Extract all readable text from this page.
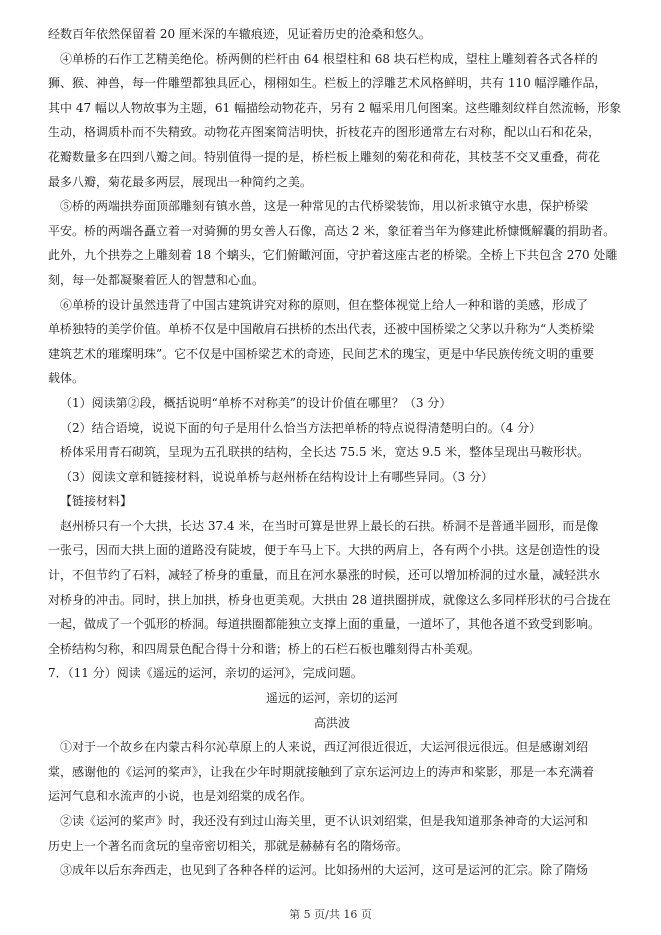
经数百年依然保留着 20 厘米深的车辙痕迹，见证着历史的沧桑和悠久。
④单桥的石作工艺精美绝伦。桥两侧的栏杆由 64 根望柱和 68 块石栏构成，望柱上雕刻着各式各样的
狮、猴、神兽，每一件雕塑都独具匠心，栩栩如生。栏板上的浮雕艺术风格鲜明，共有 110 幅浮雕作品，
其中 47 幅以人物故事为主题，61 幅描绘动物花卉，另有 2 幅采用几何图案。这些雕刻纹样自然流畅，形象
生动，格调质朴而不失精致。动物花卉图案简洁明快，折枝花卉的图形通常左右对称，配以山石和花朵，
花瓣数量多在四到八瓣之间。特别值得一提的是，桥栏板上雕刻的菊花和荷花，其枝茎不交叉重叠，荷花
最多八瓣，菊花最多两层，展现出一种简约之美。
⑤桥的两端拱券面顶部雕刻有镇水兽，这是一种常见的古代桥梁装饰，用以祈求镇守水患，保护桥梁
平安。桥的两端各矗立着一对骑狮的男女善人石像，高达 2 米，象征着当年为修建此桥慷慨解囊的捐助者。
此外，九个拱券之上雕刻着 18 个螭头，它们俯瞰河面，守护着这座古老的桥梁。全桥上下共包含 270 处雕
刻，每一处都凝聚着匠人的智慧和心血。
⑥单桥的设计虽然违背了中国古建筑讲究对称的原则，但在整体视觉上给人一种和谐的美感，形成了
单桥独特的美学价值。单桥不仅是中国敞肩石拱桥的杰出代表，还被中国桥梁之父茅以升称为“人类桥梁
建筑艺术的璀璨明珠”。它不仅是中国桥梁艺术的奇迹，民间艺术的瑰宝，更是中华民族传统文明的重要
载体。
（1）阅读第②段，概括说明“单桥不对称美”的设计价值在哪里？（3 分）
（2）结合语境，说说下面的句子是用什么恰当方法把单桥的特点说得清楚明白的。（4 分）
桥体采用青石砌筑，呈现为五孔联拱的结构，全长达 75.5 米，宽达 9.5 米，整体呈现出马鞍形状。
（3）阅读文章和链接材料，说说单桥与赵州桥在结构设计上有哪些异同。（3 分）
【链接材料】
赵州桥只有一个大拱，长达 37.4 米，在当时可算是世界上最长的石拱。桥洞不是普通半圆形，而是像
一张弓，因而大拱上面的道路没有陡坡，便于车马上下。大拱的两肩上，各有两个小拱。这是创造性的设
计，不但节约了石料，减轻了桥身的重量，而且在河水暴涨的时候，还可以增加桥洞的过水量，减轻洪水
对桥身的冲击。同时，拱上加拱，桥身也更美观。大拱由 28 道拱圈拼成，就像这么多同样形状的弓合拢在
一起，做成了一个弧形的桥洞。每道拱圈都能独立支撑上面的重量，一道坏了，其他各道不致受到影响。
全桥结构匀称，和四周景色配合得十分和谐；桥上的石栏石板也雕刻得古朴美观。
7．（11 分）阅读《遥远的运河，亲切的运河》，完成问题。
遥远的运河，亲切的运河
高洪波
①对于一个故乡在内蒙古科尔沁草原上的人来说，西辽河很近很近，大运河很远很远。但是感谢刘绍
棠，感谢他的《运河的桨声》，让我在少年时期就接触到了京东运河边上的涛声和桨影，那是一本充满着
运河气息和水流声的小说，也是刘绍棠的成名作。
②读《运河的桨声》时，我还没有到过山海关里，更不认识刘绍棠，但是我知道那条神奇的大运河和
历史上一个著名而贪玩的皇帝密切相关，那就是赫赫有名的隋炀帝。
③成年以后东奔西走，也见到了各种各样的运河。比如扬州的大运河，这可是运河的汇宗。除了隋炀
第 5 页/共 16 页
